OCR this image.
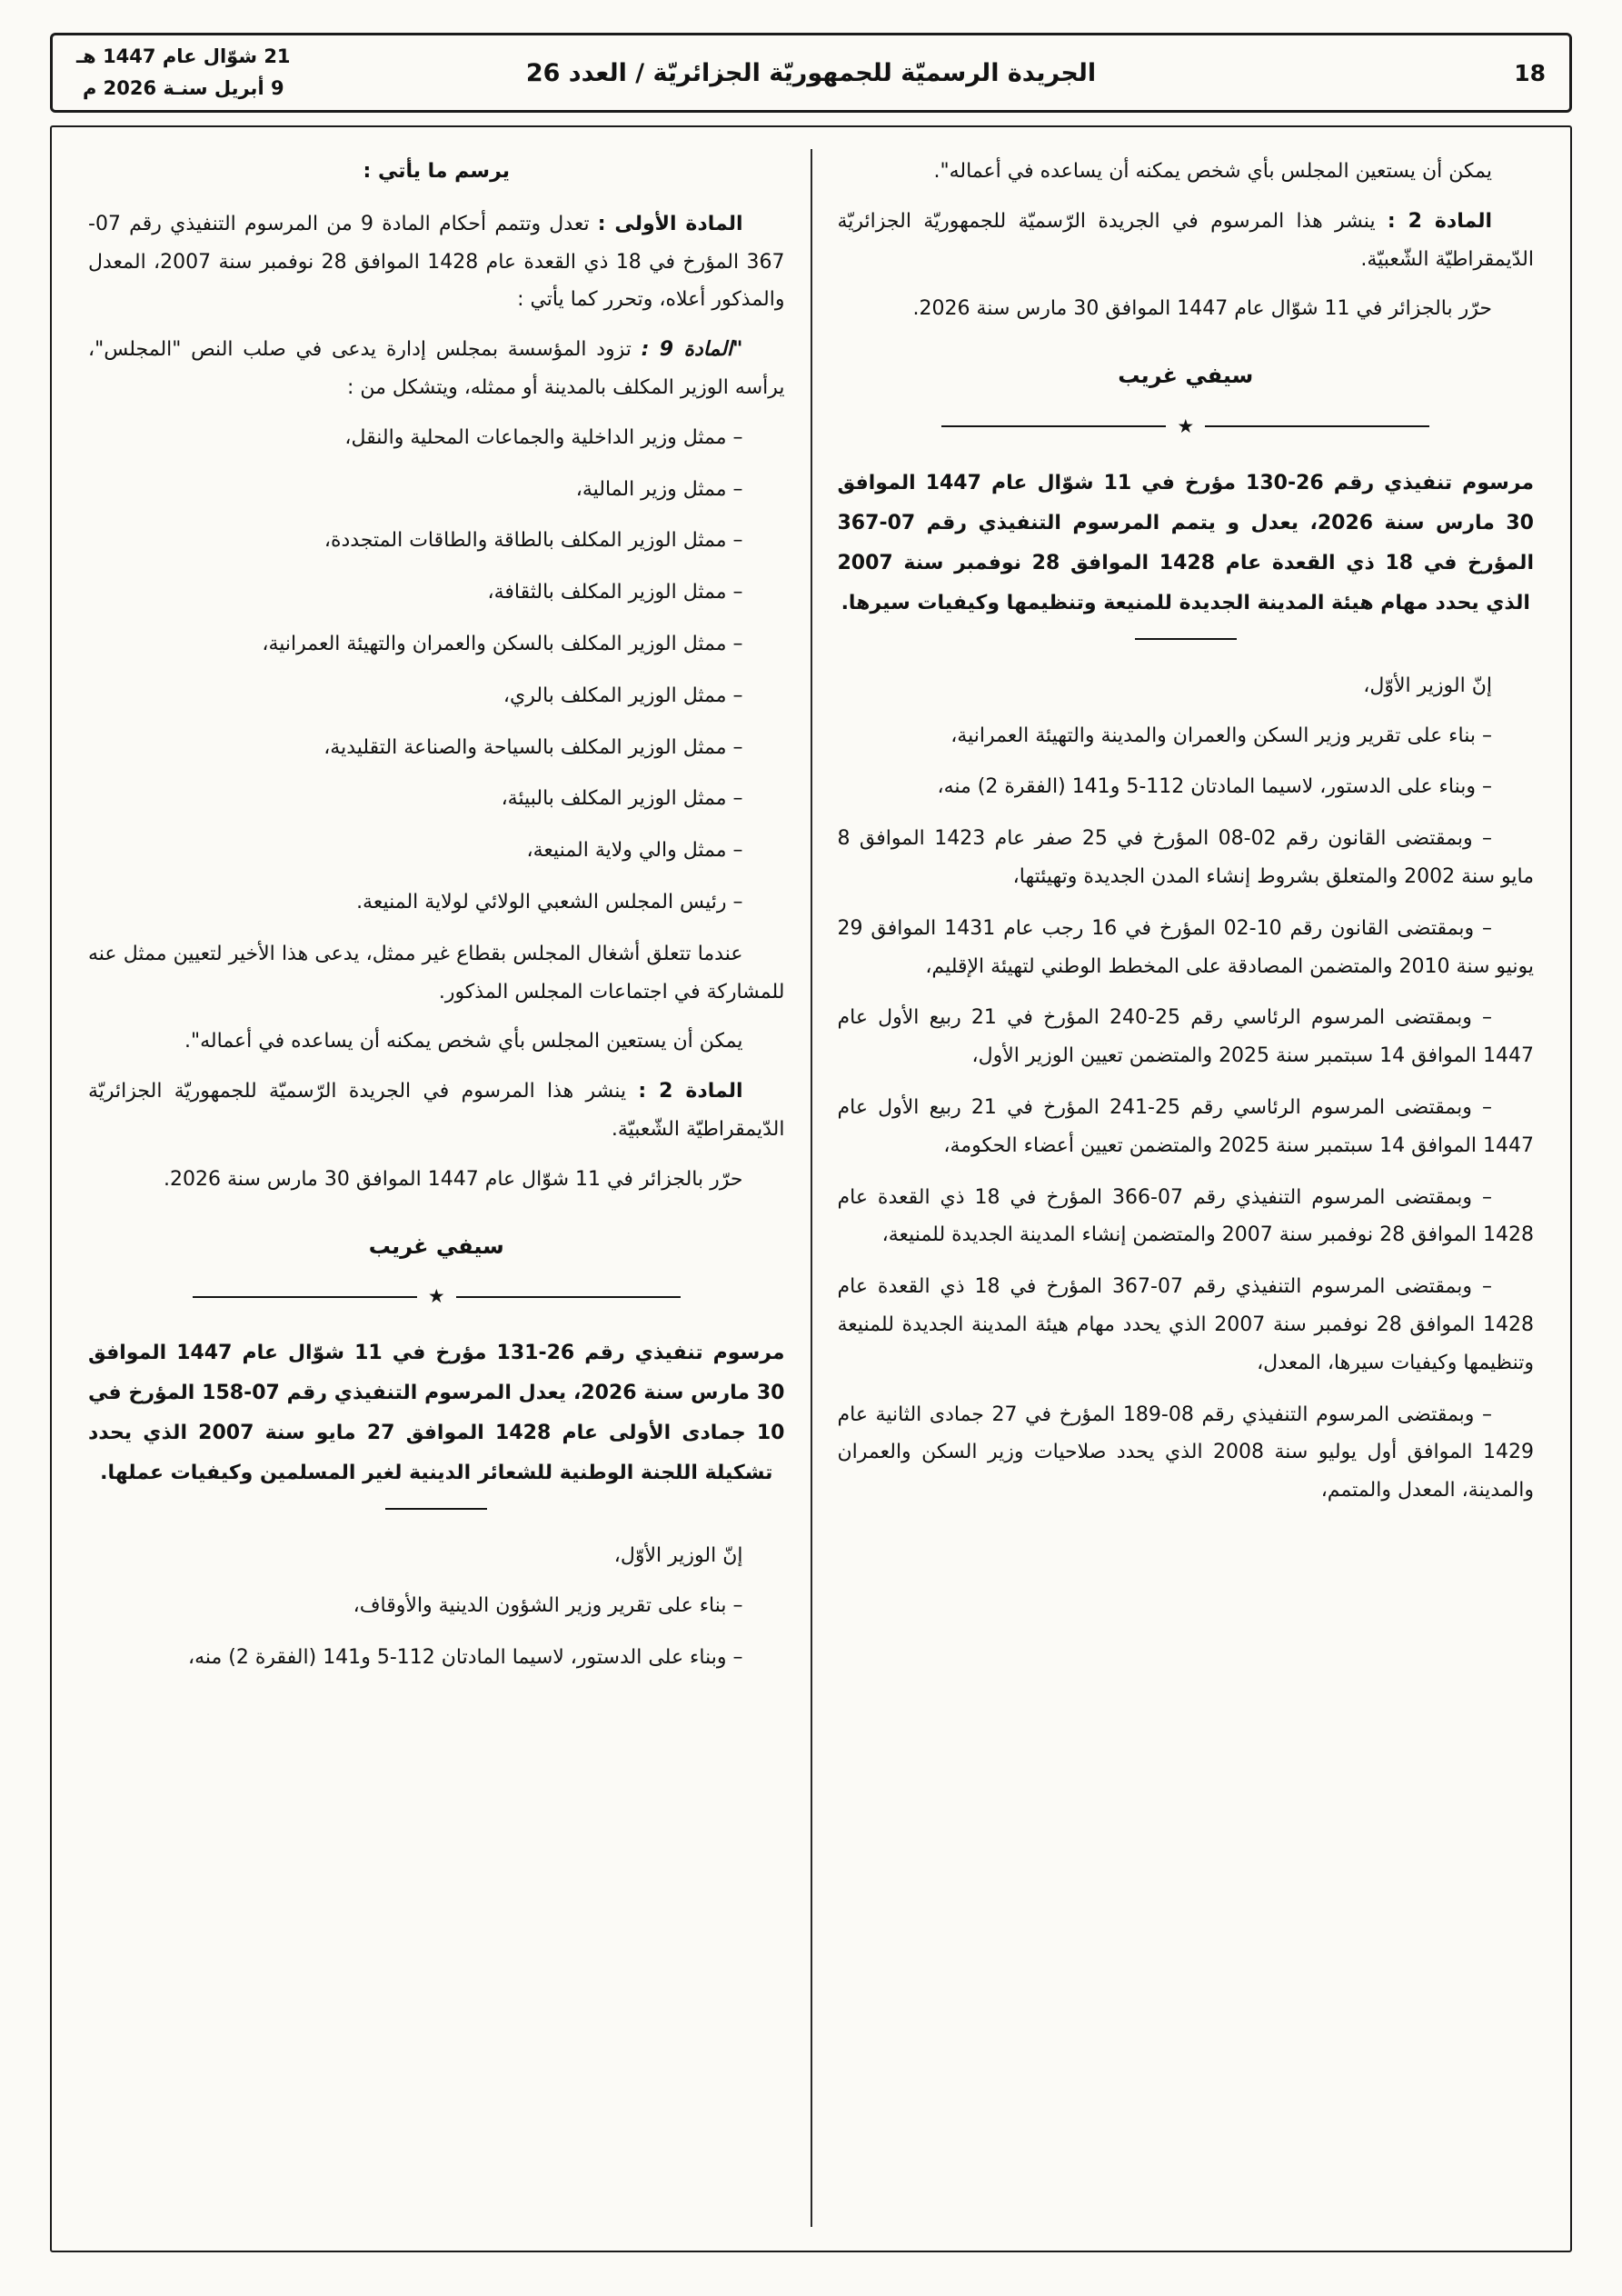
21 شوّال عام 1447 هـ
9 أبريل سنـة 2026 م
الجريدة الرسميّة للجمهوريّة الجزائريّة / العدد 26	18

يمكن أن يستعين المجلس بأي شخص يمكنه أن يساعده في أعماله".

المادة 2 : ينشر هذا المرسوم في الجريدة الرّسميّة للجمهوريّة الجزائريّة الدّيمقراطيّة الشّعبيّة.

حرّر بالجزائر في 11 شوّال عام 1447 الموافق 30 مارس سنة 2026.

سيفي غريب

★

مرسوم تنفيذي رقم 26-130 مؤرخ في 11 شوّال عام 1447 الموافق 30 مارس سنة 2026، يعدل و يتمم المرسوم التنفيذي رقم 07-367 المؤرخ في 18 ذي القعدة عام 1428 الموافق 28 نوفمبر سنة 2007 الذي يحدد مهام هيئة المدينة الجديدة للمنيعة وتنظيمها وكيفيات سيرها.

إنّ الوزير الأوّل،

– بناء على تقرير وزير السكن والعمران والمدينة والتهيئة العمرانية،

– وبناء على الدستور، لاسيما المادتان 112-5 و141 (الفقرة 2) منه،

– وبمقتضى القانون رقم 02-08 المؤرخ في 25 صفر عام 1423 الموافق 8 مايو سنة 2002 والمتعلق بشروط إنشاء المدن الجديدة وتهيئتها،

– وبمقتضى القانون رقم 10-02 المؤرخ في 16 رجب عام 1431 الموافق 29 يونيو سنة 2010 والمتضمن المصادقة على المخطط الوطني لتهيئة الإقليم،

– وبمقتضى المرسوم الرئاسي رقم 25-240 المؤرخ في 21 ربيع الأول عام 1447 الموافق 14 سبتمبر سنة 2025 والمتضمن تعيين الوزير الأول،

– وبمقتضى المرسوم الرئاسي رقم 25-241 المؤرخ في 21 ربيع الأول عام 1447 الموافق 14 سبتمبر سنة 2025 والمتضمن تعيين أعضاء الحكومة،

– وبمقتضى المرسوم التنفيذي رقم 07-366 المؤرخ في 18 ذي القعدة عام 1428 الموافق 28 نوفمبر سنة 2007 والمتضمن إنشاء المدينة الجديدة للمنيعة،

– وبمقتضى المرسوم التنفيذي رقم 07-367 المؤرخ في 18 ذي القعدة عام 1428 الموافق 28 نوفمبر سنة 2007 الذي يحدد مهام هيئة المدينة الجديدة للمنيعة وتنظيمها وكيفيات سيرها، المعدل،

– وبمقتضى المرسوم التنفيذي رقم 08-189 المؤرخ في 27 جمادى الثانية عام 1429 الموافق أول يوليو سنة 2008 الذي يحدد صلاحيات وزير السكن والعمران والمدينة، المعدل والمتمم،

يرسم ما يأتي :

المادة الأولى : تعدل وتتمم أحكام المادة 9 من المرسوم التنفيذي رقم 07-367 المؤرخ في 18 ذي القعدة عام 1428 الموافق 28 نوفمبر سنة 2007، المعدل والمذكور أعلاه، وتحرر كما يأتي :

"المادة 9 : تزود المؤسسة بمجلس إدارة يدعى في صلب النص "المجلس"، يرأسه الوزير المكلف بالمدينة أو ممثله، ويتشكل من :

– ممثل وزير الداخلية والجماعات المحلية والنقل،

– ممثل وزير المالية،

– ممثل الوزير المكلف بالطاقة والطاقات المتجددة،

– ممثل الوزير المكلف بالثقافة،

– ممثل الوزير المكلف بالسكن والعمران والتهيئة العمرانية،

– ممثل الوزير المكلف بالري،

– ممثل الوزير المكلف بالسياحة والصناعة التقليدية،

– ممثل الوزير المكلف بالبيئة،

– ممثل والي ولاية المنيعة،

– رئيس المجلس الشعبي الولائي لولاية المنيعة.

عندما تتعلق أشغال المجلس بقطاع غير ممثل، يدعى هذا الأخير لتعيين ممثل عنه للمشاركة في اجتماعات المجلس المذكور.

يمكن أن يستعين المجلس بأي شخص يمكنه أن يساعده في أعماله".

المادة 2 : ينشر هذا المرسوم في الجريدة الرّسميّة للجمهوريّة الجزائريّة الدّيمقراطيّة الشّعبيّة.

حرّر بالجزائر في 11 شوّال عام 1447 الموافق 30 مارس سنة 2026.

سيفي غريب

★

مرسوم تنفيذي رقم 26-131 مؤرخ في 11 شوّال عام 1447 الموافق 30 مارس سنة 2026، يعدل المرسوم التنفيذي رقم 07-158 المؤرخ في 10 جمادى الأولى عام 1428 الموافق 27 مايو سنة 2007 الذي يحدد تشكيلة اللجنة الوطنية للشعائر الدينية لغير المسلمين وكيفيات عملها.

إنّ الوزير الأوّل،

– بناء على تقرير وزير الشؤون الدينية والأوقاف،

– وبناء على الدستور، لاسيما المادتان 112-5 و141 (الفقرة 2) منه،
